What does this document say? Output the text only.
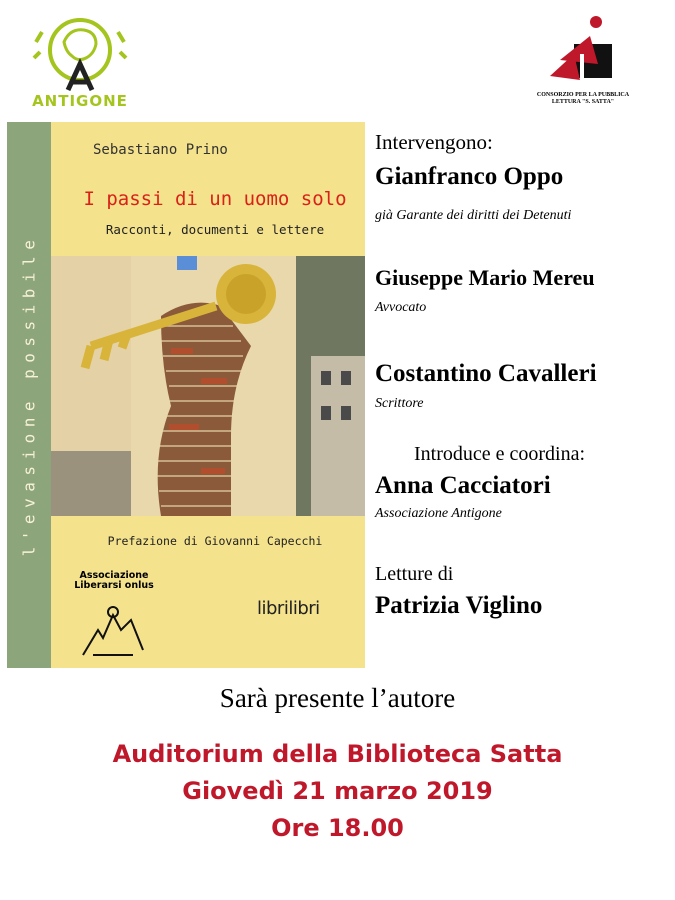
ANTIGONE	CONSORZIO PER LA PUBBLICA LETTURA "S. SATTA"
l'evasione possibile
Sebastiano Prino
I passi di un uomo solo
Racconti, documenti e lettere
Prefazione di Giovanni Capecchi
Associazione Liberarsi onlus
librilibri
Intervengono:
Gianfranco Oppo
già Garante dei diritti dei Detenuti
Giuseppe Mario Mereu
Avvocato
Costantino Cavalleri
Scrittore
Introduce e coordina:
Anna Cacciatori
Associazione Antigone
Letture di
Patrizia Viglino
Sarà presente l’autore
Auditorium della Biblioteca Satta
Giovedì 21 marzo 2019
Ore 18.00
